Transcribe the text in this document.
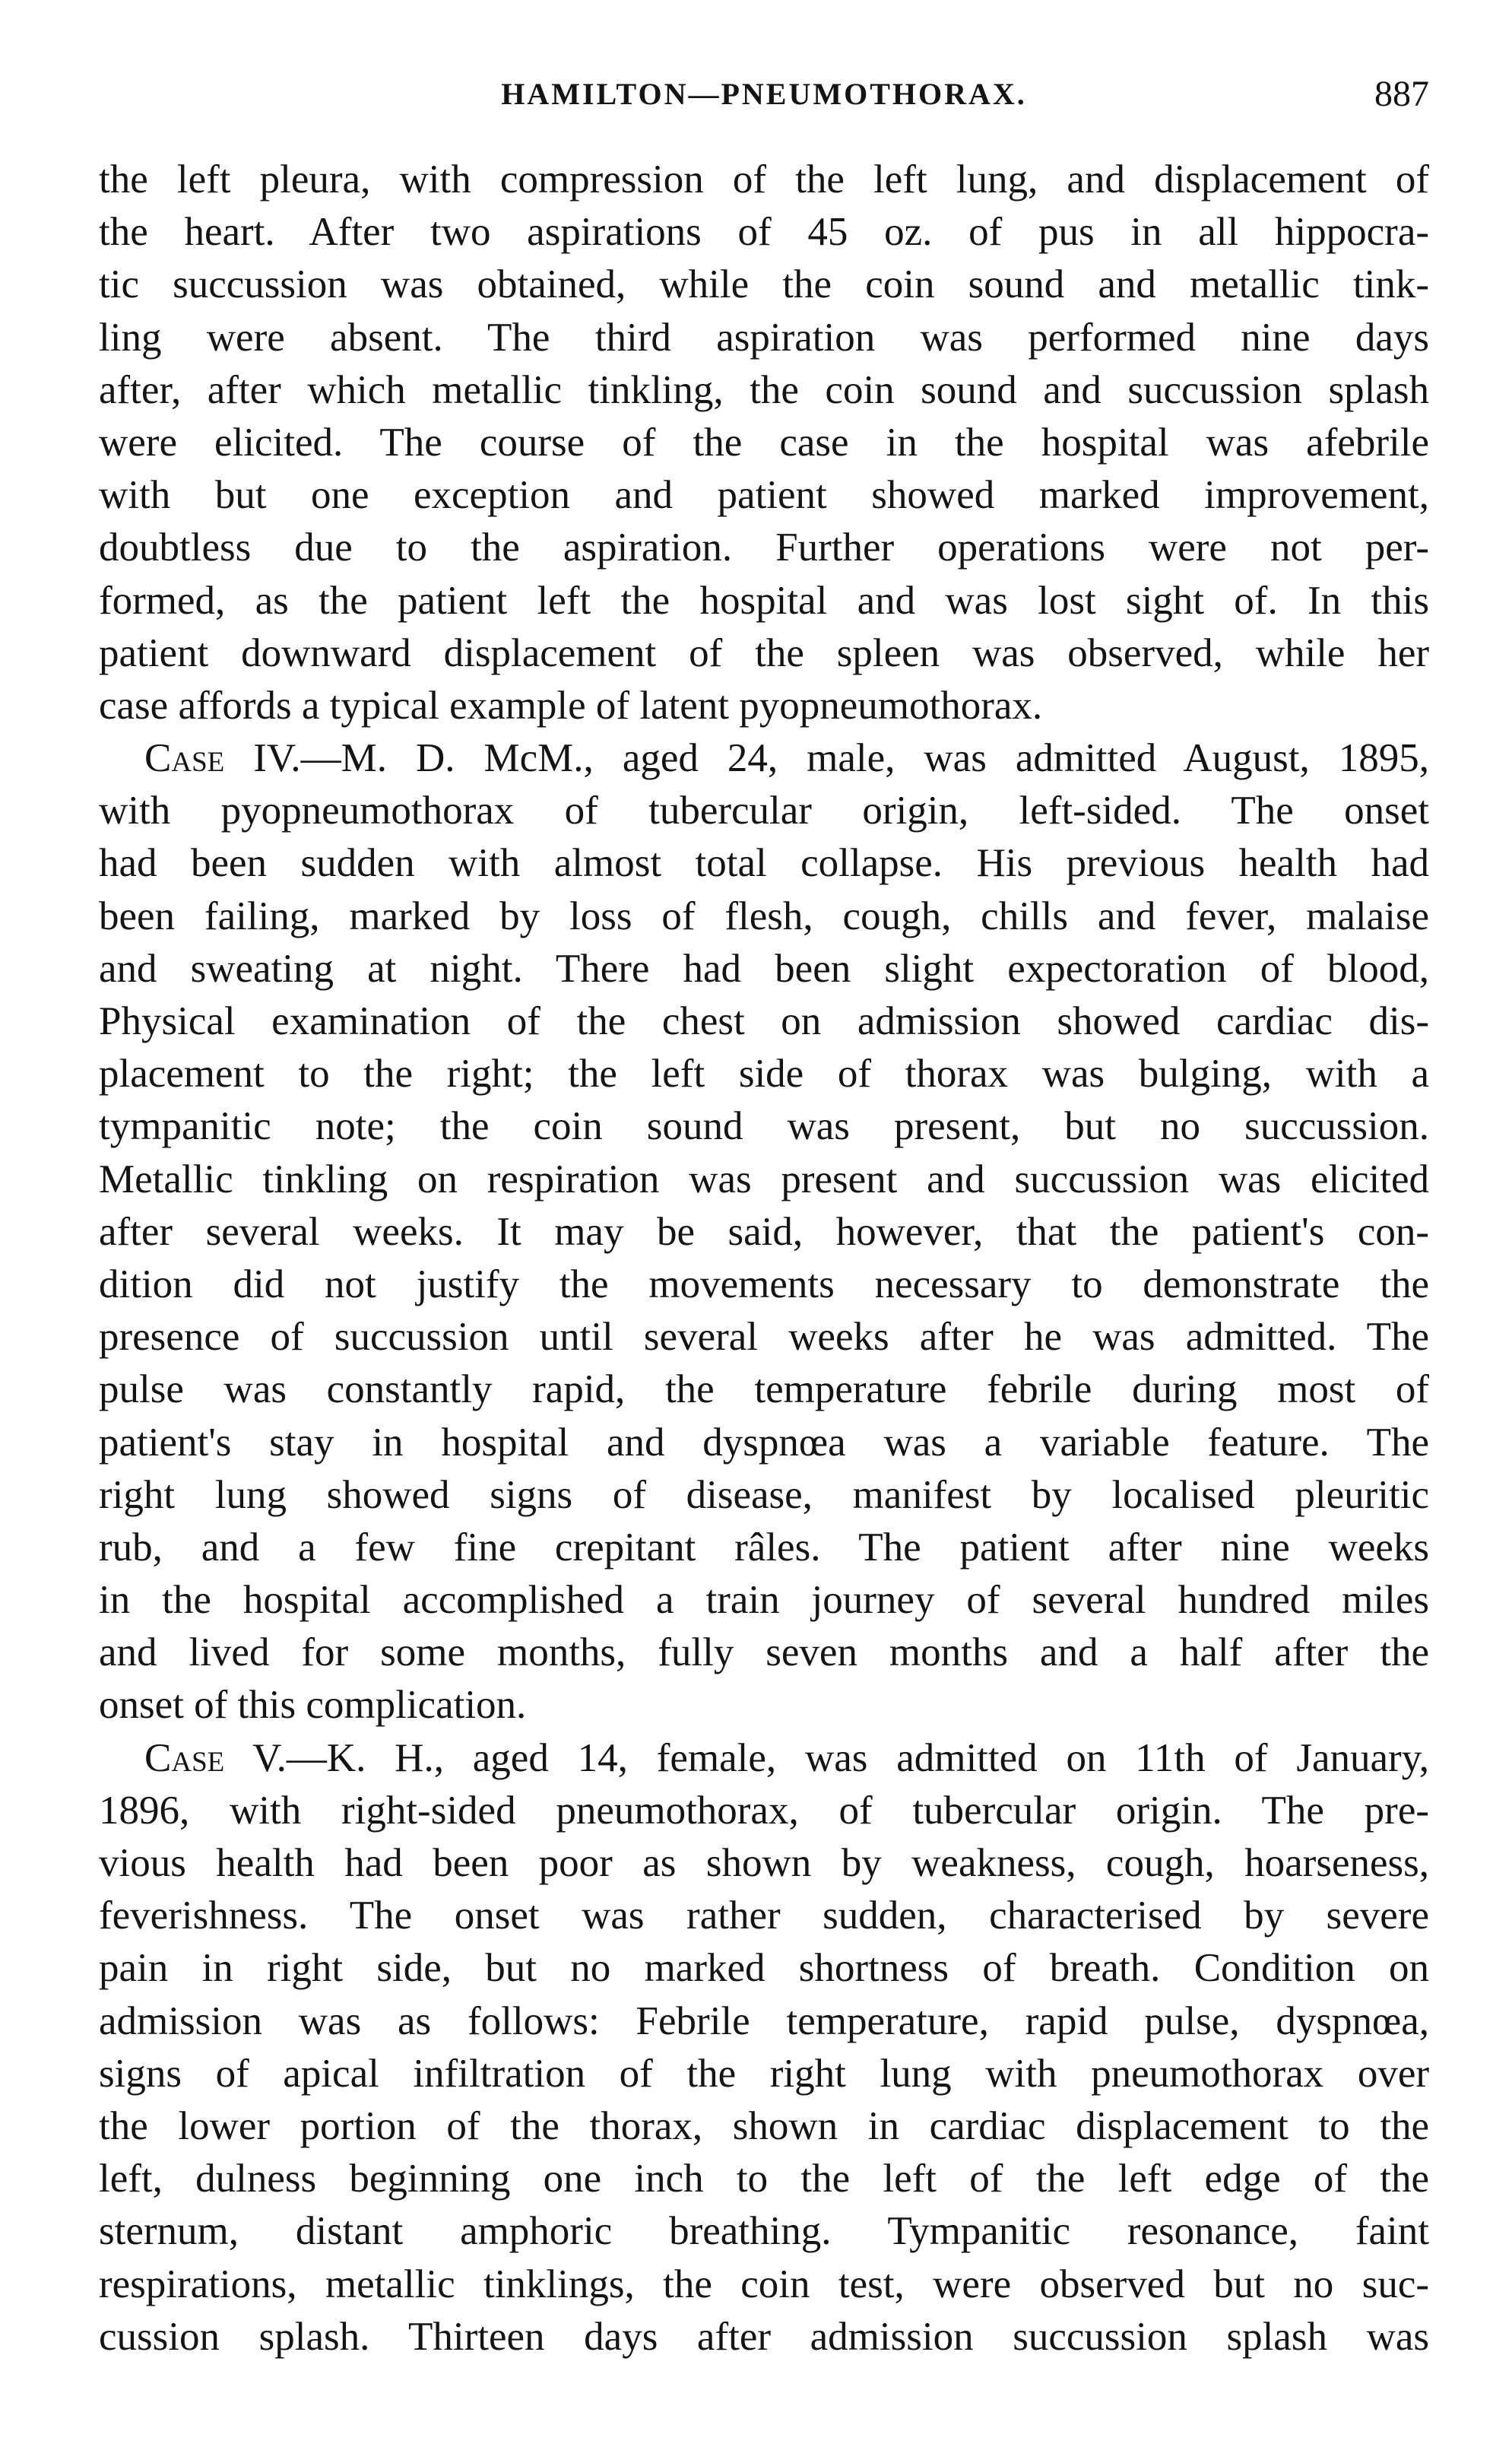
HAMILTON—PNEUMOTHORAX.	887
the left pleura, with compression of the left lung, and displacement of
the heart. After two aspirations of 45 oz. of pus in all hippocra-
tic succussion was obtained, while the coin sound and metallic tink-
ling were absent. The third aspiration was performed nine days
after, after which metallic tinkling, the coin sound and succussion splash
were elicited. The course of the case in the hospital was afebrile
with but one exception and patient showed marked improvement,
doubtless due to the aspiration. Further operations were not per-
formed, as the patient left the hospital and was lost sight of. In this
patient downward displacement of the spleen was observed, while her
case affords a typical example of latent pyopneumothorax.
Case IV.—M. D. McM., aged 24, male, was admitted August, 1895,
with pyopneumothorax of tubercular origin, left-sided. The onset
had been sudden with almost total collapse. His previous health had
been failing, marked by loss of flesh, cough, chills and fever, malaise
and sweating at night. There had been slight expectoration of blood,
Physical examination of the chest on admission showed cardiac dis-
placement to the right; the left side of thorax was bulging, with a
tympanitic note; the coin sound was present, but no succussion.
Metallic tinkling on respiration was present and succussion was elicited
after several weeks. It may be said, however, that the patient's con-
dition did not justify the movements necessary to demonstrate the
presence of succussion until several weeks after he was admitted. The
pulse was constantly rapid, the temperature febrile during most of
patient's stay in hospital and dyspnœa was a variable feature. The
right lung showed signs of disease, manifest by localised pleuritic
rub, and a few fine crepitant râles. The patient after nine weeks
in the hospital accomplished a train journey of several hundred miles
and lived for some months, fully seven months and a half after the
onset of this complication.
Case V.—K. H., aged 14, female, was admitted on 11th of January,
1896, with right-sided pneumothorax, of tubercular origin. The pre-
vious health had been poor as shown by weakness, cough, hoarseness,
feverishness. The onset was rather sudden, characterised by severe
pain in right side, but no marked shortness of breath. Condition on
admission was as follows: Febrile temperature, rapid pulse, dyspnœa,
signs of apical infiltration of the right lung with pneumothorax over
the lower portion of the thorax, shown in cardiac displacement to the
left, dulness beginning one inch to the left of the left edge of the
sternum, distant amphoric breathing. Tympanitic resonance, faint
respirations, metallic tinklings, the coin test, were observed but no suc-
cussion splash. Thirteen days after admission succussion splash was
